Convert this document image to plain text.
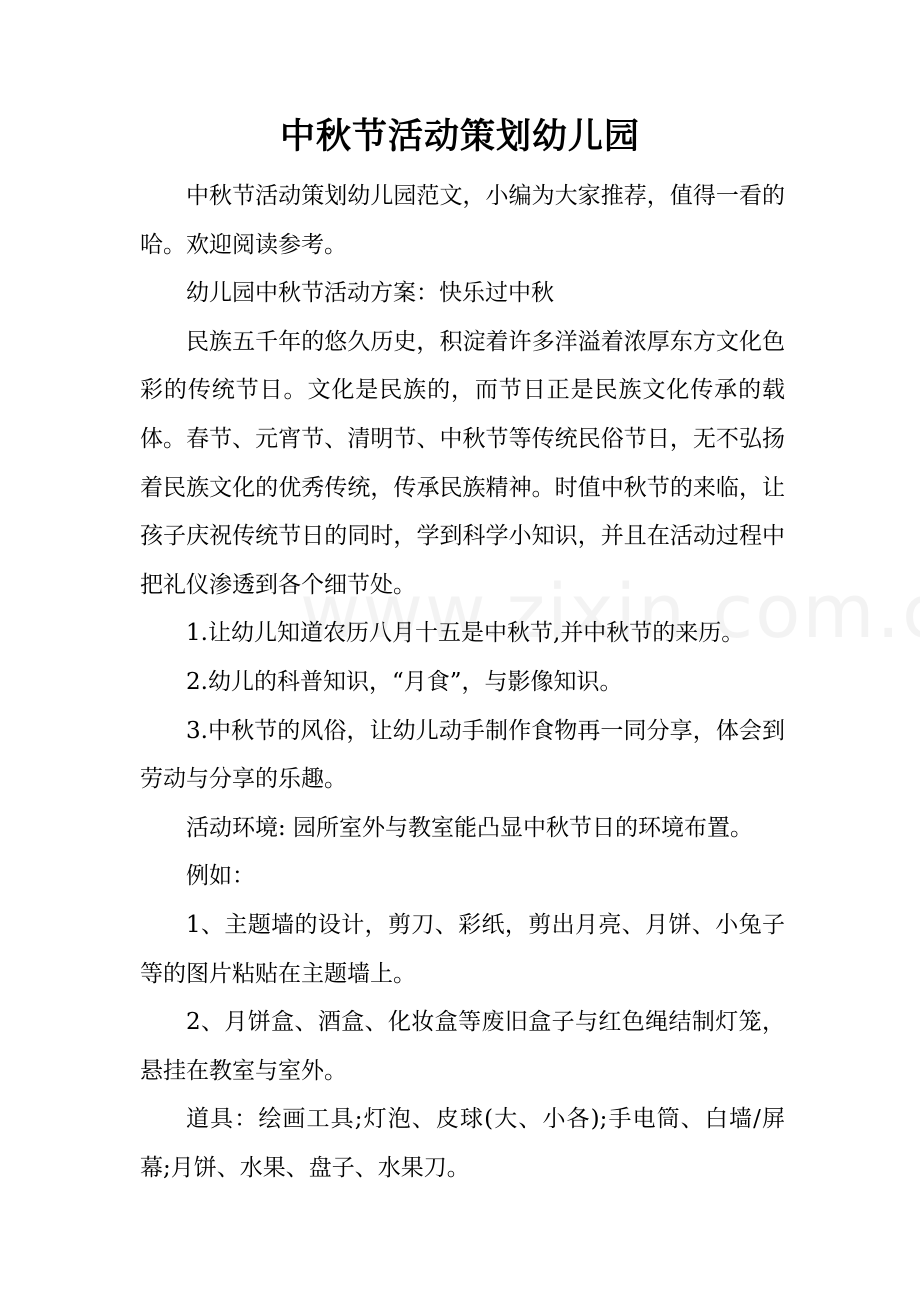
中秋节活动策划幼儿园

中秋节活动策划幼儿园范文，小编为大家推荐，值得一看的哈。欢迎阅读参考。

幼儿园中秋节活动方案：快乐过中秋

民族五千年的悠久历史，积淀着许多洋溢着浓厚东方文化色彩的传统节日。文化是民族的，而节日正是民族文化传承的载体。春节、元宵节、清明节、中秋节等传统民俗节日，无不弘扬着民族文化的优秀传统，传承民族精神。时值中秋节的来临，让孩子庆祝传统节日的同时，学到科学小知识，并且在活动过程中把礼仪渗透到各个细节处。

1.让幼儿知道农历八月十五是中秋节,并中秋节的来历。

2.幼儿的科普知识，“月食”，与影像知识。

3.中秋节的风俗，让幼儿动手制作食物再一同分享，体会到劳动与分享的乐趣。

活动环境: 园所室外与教室能凸显中秋节日的环境布置。

例如：

1、主题墙的设计，剪刀、彩纸，剪出月亮、月饼、小兔子等的图片粘贴在主题墙上。

2、月饼盒、酒盒、化妆盒等废旧盒子与红色绳结制灯笼，悬挂在教室与室外。

道具：绘画工具;灯泡、皮球(大、小各);手电筒、白墙/屏幕;月饼、水果、盘子、水果刀。
